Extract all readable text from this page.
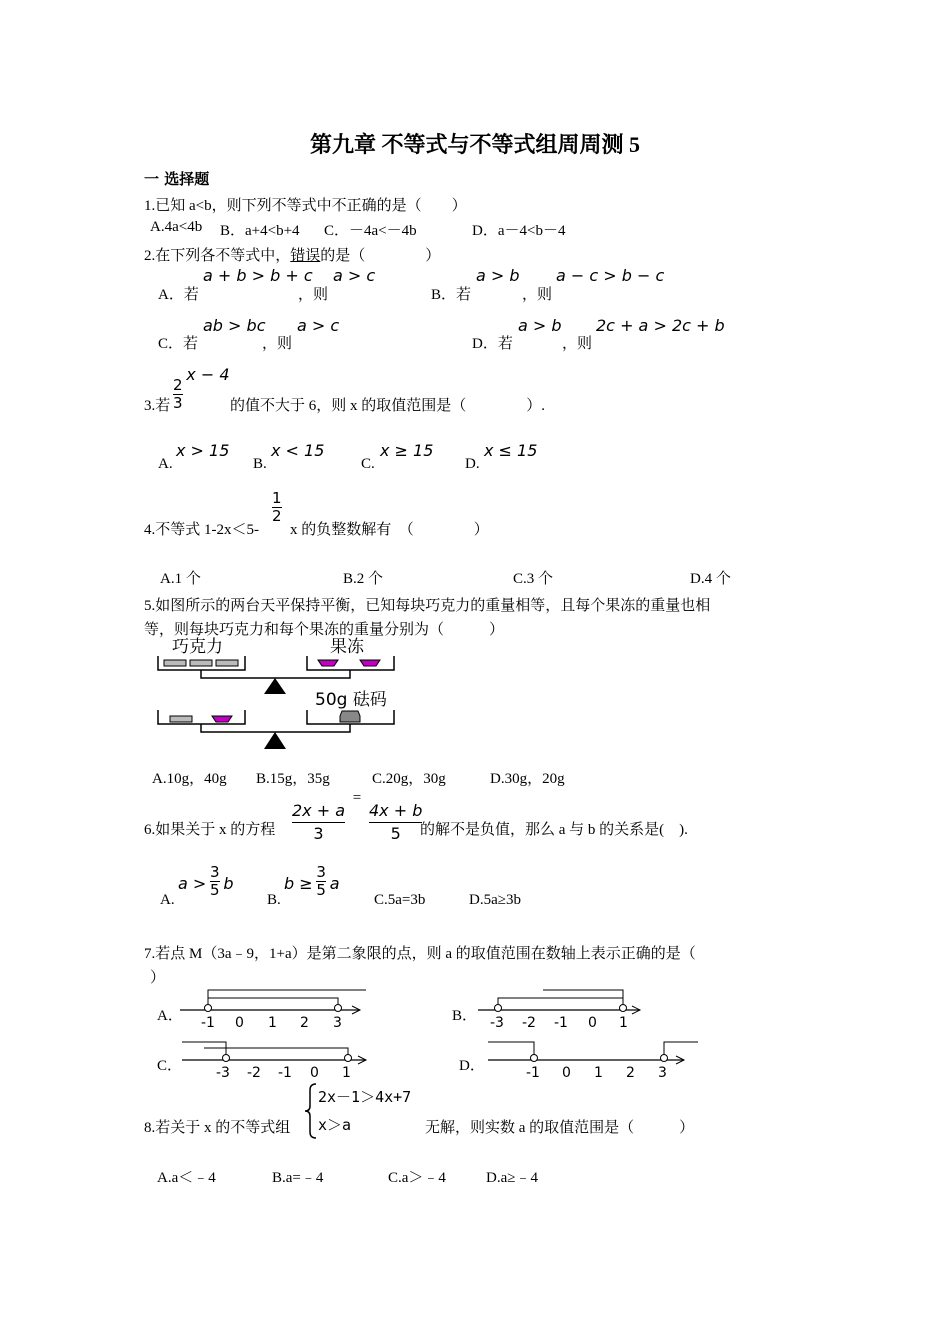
第九章 不等式与不等式组周周测 5
一 选择题
1.已知 a<b，则下列不等式中不正确的是（　　）
A.4a<4b B．a+4<b+4 C．－4a<－4b	D．a－4<b－4
2.在下列各不等式中，错误的是（　　　　）
A．若
a + b > b + c
，则
a > c
B．若
a > b
，则
a − c > b − c
C．若
ab > bc
，则
a > c
D．若
a > b
，则
2c + a > 2c + b
3.若 $\frac{2}{3}$
x − 4
的值不大于 6，则 x 的取值范围是（　　　　）.
A.
x > 15
B.
x < 15
C.
x ≥ 15
D.
x ≤ 15
4.不等式 1-2x＜5-
$\frac{1}{2}$
x 的负整数解有　（　　　　）
A.1 个	B.2 个	C.3 个	D.4 个
5.如图所示的两台天平保持平衡，已知每块巧克力的重量相等，且每个果冻的重量也相
等，则每块巧克力和每个果冻的重量分别为（　　　）
巧克力	果冻
50g 砝码
A.10g，40g B.15g，35g	C.20g，30g	D.30g，20g
6.如果关于 x 的方程 $\frac{2x + a}{3}$
=
$\frac{4x + b}{5}$
的解不是负值，那么 a 与 b 的关系是(　).
A.
$a > \frac{3}{5}$ b
B.
$b \ge \frac{3}{5}$ a
C.5a=3b	D.5a≥3b
7.若点 M（3a﹣9，1+a）是第二象限的点，则 a 的取值范围在数轴上表示正确的是（
）
A． -1 0 1 2 3	B． -3 -2 -1 0 1
C． -3 -2 -1 0 1	D．	-1 0 1 2 3
8.若关于 x 的不等式组
2x－1＞4x+7
x＞a	无解，则实数 a 的取值范围是（　　　）
A.a＜﹣4	B.a=﹣4	C.a＞﹣4	D.a≥﹣4
